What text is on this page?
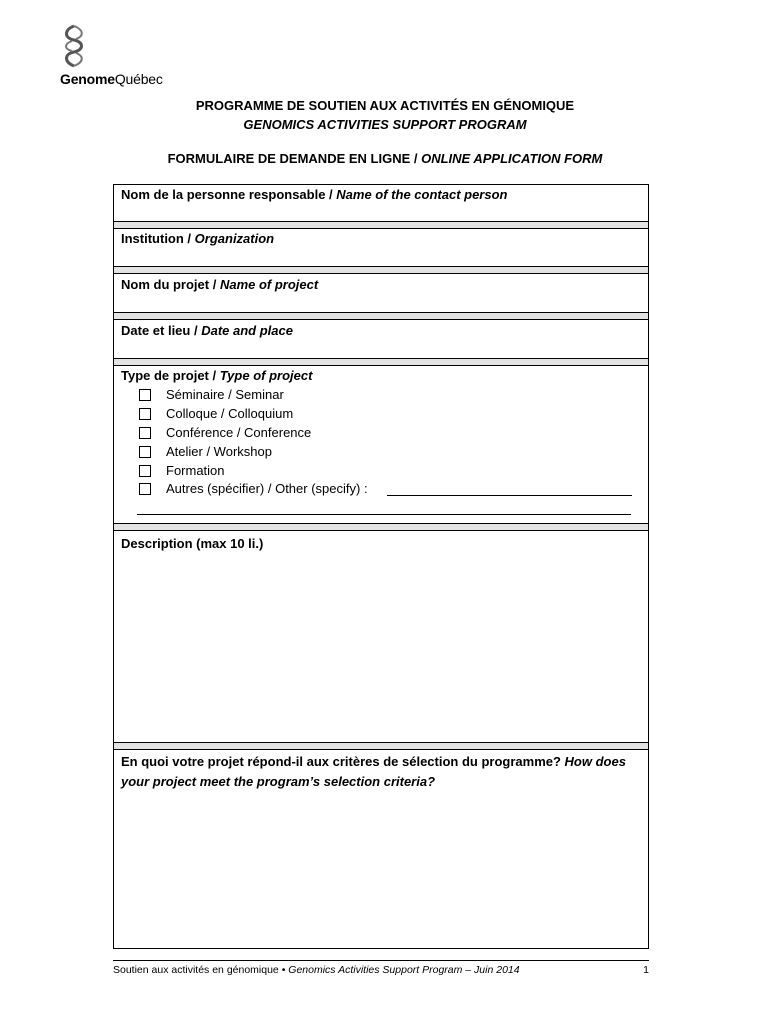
GenomeQuébec
PROGRAMME DE SOUTIEN AUX ACTIVITÉS EN GÉNOMIQUE
GENOMICS ACTIVITIES SUPPORT PROGRAM
FORMULAIRE DE DEMANDE EN LIGNE / ONLINE APPLICATION FORM
Nom de la personne responsable / Name of the contact person
Institution / Organization
Nom du projet / Name of project
Date et lieu / Date and place
Type de projet / Type of project
Séminaire / Seminar
Colloque / Colloquium
Conférence / Conference
Atelier / Workshop
Formation
Autres (spécifier) / Other (specify) :
Description (max 10 li.)
En quoi votre projet répond-il aux critères de sélection du programme? How does your project meet the program’s selection criteria?
Soutien aux activités en génomique • Genomics Activities Support Program – Juin 2014	1
